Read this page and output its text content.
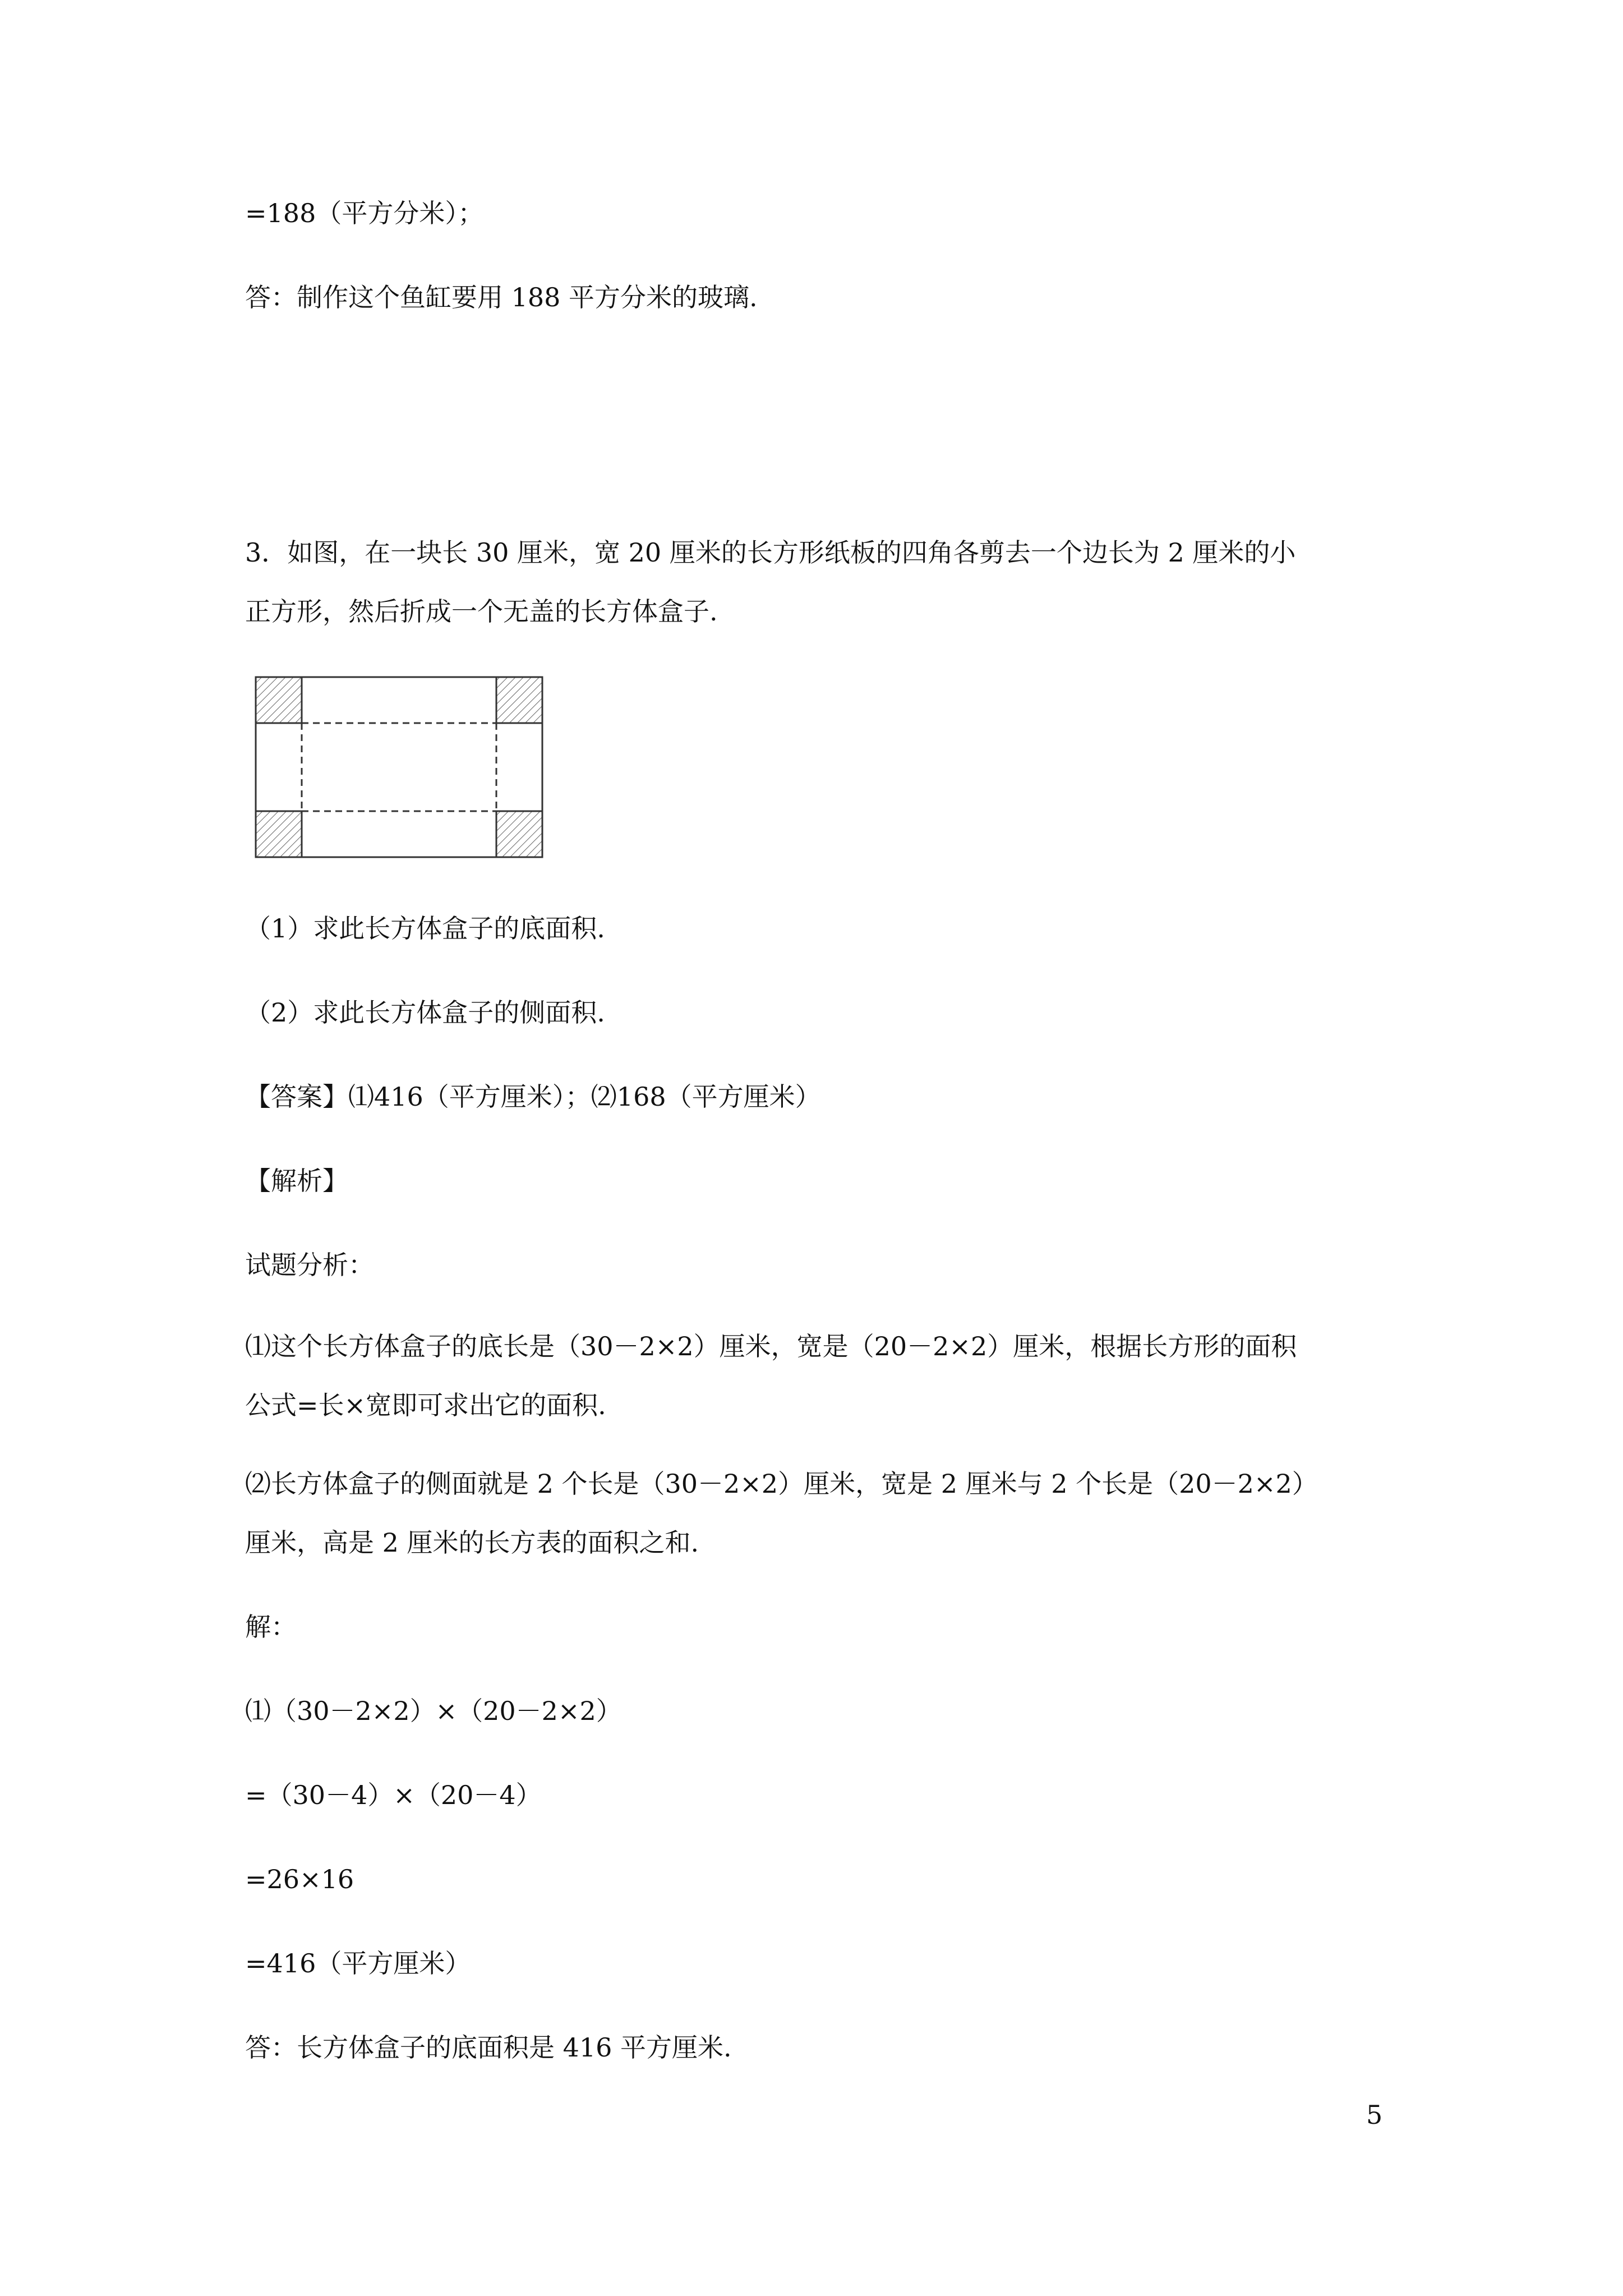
=188（平方分米）；
答：制作这个鱼缸要用 188 平方分米的玻璃.
3．如图，在一块长 30 厘米，宽 20 厘米的长方形纸板的四角各剪去一个边长为 2 厘米的小
正方形，然后折成一个无盖的长方体盒子.
（1）求此长方体盒子的底面积.
（2）求此长方体盒子的侧面积.
【答案】⑴416（平方厘米）；⑵168（平方厘米）
【解析】
试题分析：
⑴这个长方体盒子的底长是（30－2×2）厘米，宽是（20－2×2）厘米，根据长方形的面积
公式=长×宽即可求出它的面积.
⑵长方体盒子的侧面就是 2 个长是（30－2×2）厘米，宽是 2 厘米与 2 个长是（20－2×2）
厘米，高是 2 厘米的长方表的面积之和.
解：
⑴（30－2×2）×（20－2×2）
=（30－4）×（20－4）
=26×16
=416（平方厘米）
答：长方体盒子的底面积是 416 平方厘米.
5
